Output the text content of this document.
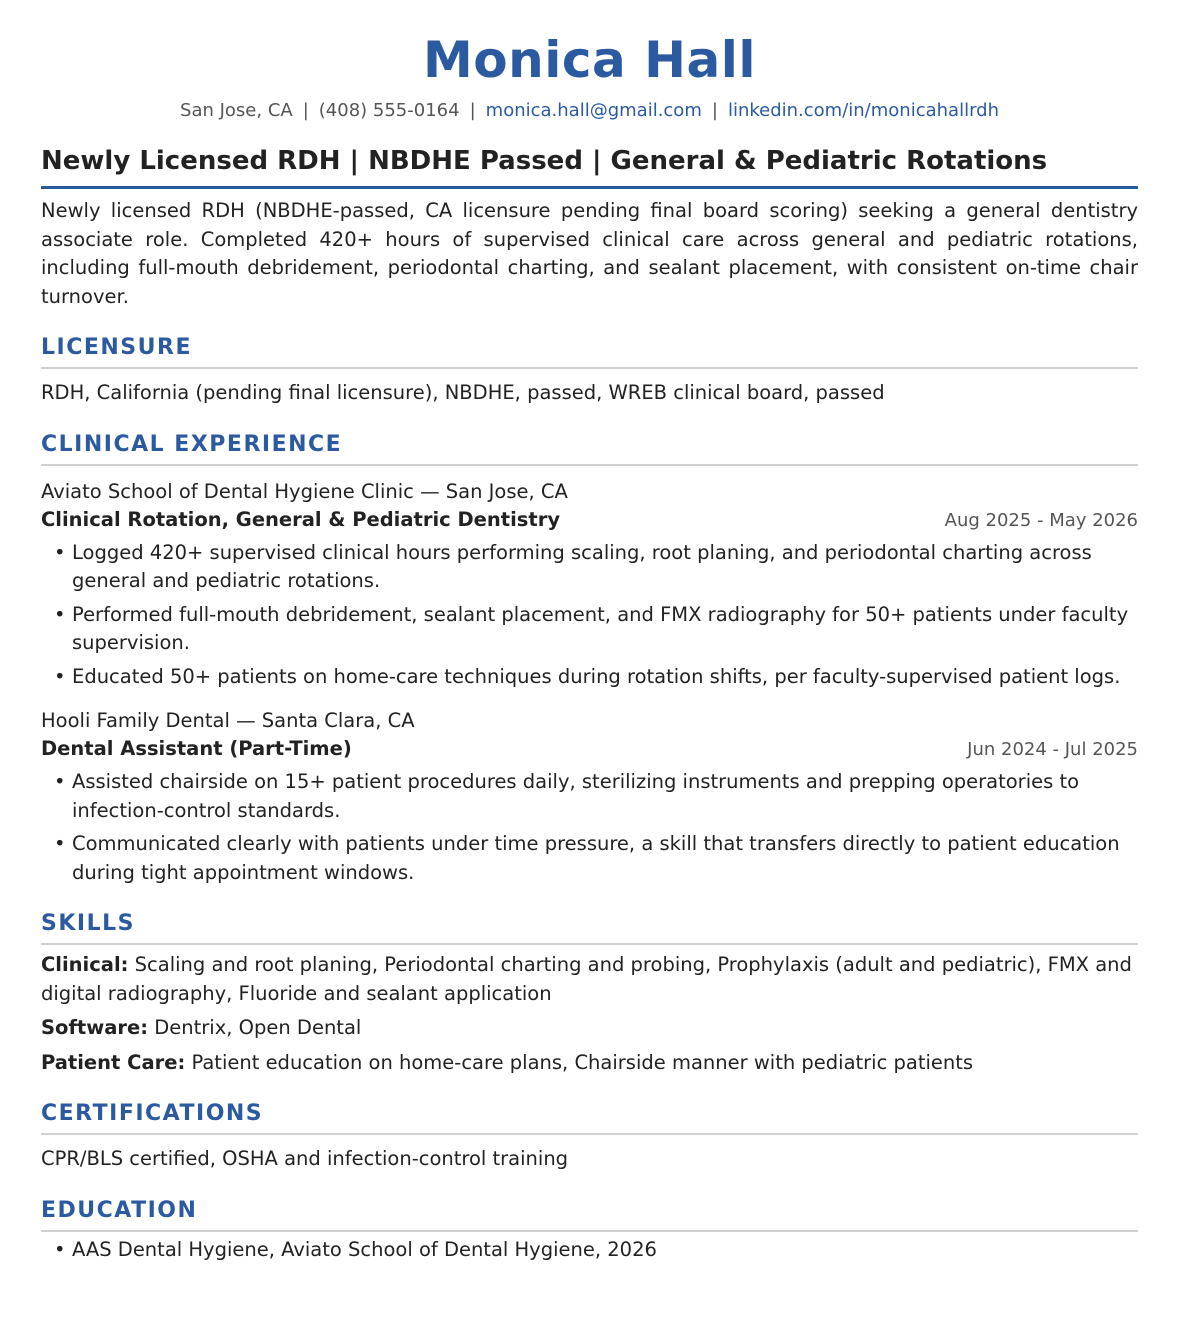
Monica Hall
San Jose, CA | (408) 555-0164 | monica.hall@gmail.com | linkedin.com/in/monicahallrdh
Newly Licensed RDH | NBDHE Passed | General & Pediatric Rotations
Newly licensed RDH (NBDHE-passed, CA licensure pending final board scoring) seeking a general dentistry associate role. Completed 420+ hours of supervised clinical care across general and pediatric rotations, including full-mouth debridement, periodontal charting, and sealant placement, with consistent on-time chair turnover.
LICENSURE
RDH, California (pending final licensure), NBDHE, passed, WREB clinical board, passed
CLINICAL EXPERIENCE
Aviato School of Dental Hygiene Clinic — San Jose, CA
Clinical Rotation, General & Pediatric Dentistry	Aug 2025 - May 2026
• Logged 420+ supervised clinical hours performing scaling, root planing, and periodontal charting across general and pediatric rotations.
• Performed full-mouth debridement, sealant placement, and FMX radiography for 50+ patients under faculty supervision.
• Educated 50+ patients on home-care techniques during rotation shifts, per faculty-supervised patient logs.
Hooli Family Dental — Santa Clara, CA
Dental Assistant (Part-Time)	Jun 2024 - Jul 2025
• Assisted chairside on 15+ patient procedures daily, sterilizing instruments and prepping operatories to infection-control standards.
• Communicated clearly with patients under time pressure, a skill that transfers directly to patient education during tight appointment windows.
SKILLS
Clinical: Scaling and root planing, Periodontal charting and probing, Prophylaxis (adult and pediatric), FMX and digital radiography, Fluoride and sealant application
Software: Dentrix, Open Dental
Patient Care: Patient education on home-care plans, Chairside manner with pediatric patients
CERTIFICATIONS
CPR/BLS certified, OSHA and infection-control training
EDUCATION
• AAS Dental Hygiene, Aviato School of Dental Hygiene, 2026
